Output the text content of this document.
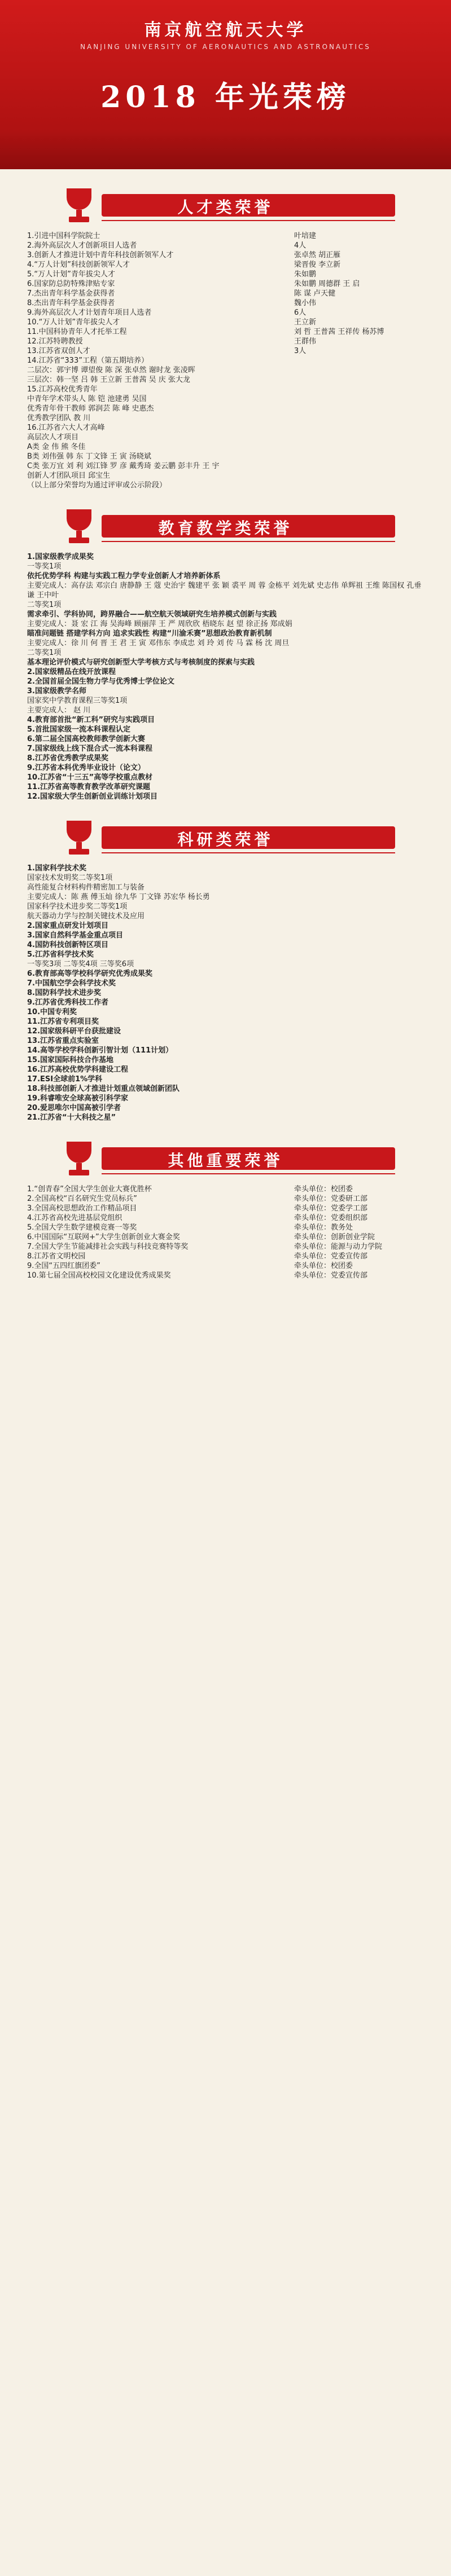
南京航空航天大学
NANJING UNIVERSITY OF AERONAUTICS AND ASTRONAUTICS
2018 年光荣榜
人才类荣誉
1.引进中国科学院院士	叶培建
2.海外高层次人才创新项目人选者	4人
3.创新人才推进计划中青年科技创新领军人才	张卓然 胡正雁
4.“万人计划”科技创新领军人才	梁晋俊 李立新
5.“万人计划”青年拔尖人才	朱如鹏
6.国家防总防特殊津贴专家	朱如鹏 周德群 王 启
7.杰出青年科学基金获得者	陈 谋 卢天健
8.杰出青年科学基金获得者	魏小伟
9.海外高层次人才计划青年项目人选者	6人
10.“万人计划”青年拔尖人才	王立新
11.中国科协青年人才托举工程	刘 哲 王普茜 王祥传 杨苏博
12.江苏特聘教授	王群伟
13.江苏省双创人才	3人
14.江苏省“333”工程（第五期培养）
二层次：郭宇博 谭望俊 陈 深 张卓然 谢时龙 张凌晖
三层次：韩一坚 吕 韩 王立新 王普茜 吴 庆 张大龙
15.江苏高校优秀青年
中青年学术带头人 陈 铠 池建勇 吴国
优秀青年骨干教师 郭润芸 陈 峰 史惠杰
优秀教学团队 教 川
16.江苏省六大人才高峰
高层次人才项目
A类 金 伟 熊 冬佳
B类 刘伟强 韩 东 丁文锋 王 寅 汤晓斌
C类 张万宜 刘 利 刘江锋 罗 彦 戴秀琦 姜云鹏 彭丰升 王 宇
创新人才团队项目 邱宝生
（以上部分荣誉均为通过评审或公示阶段）
教育教学类荣誉
1.国家级教学成果奖
一等奖1项
依托优势学科 构建与实践工程力学专业创新人才培养新体系
主要完成人：高存法 邓宗白 唐静静 王 蔻 史治宇 魏建平 张 颖 裘平 周 蓉 金栋平 刘先斌 史志伟 单辉祖 王维 陈国权 孔垂谦 王中叶
二等奖1项
需求牵引、学科协同，跨界融合——航空航天领域研究生培养模式创新与实践
主要完成人：聂 宏 江 海 吴海峰 顾丽萍 王 严 周欣欣 梧晓东 赵 望 徐正扬 郑成娟
瞄准问题链 搭建学科方向 追求实践性 构建“川渝禾赛”思想政治教育新机制
主要完成人：徐 川 何 晋 王 君 王 寅 邓伟东 李成忠 刘 玲 刘 传 马 霖 杨 沈 周旦
二等奖1项
基本理论评价模式与研究创新型大学考核方式与考核制度的探索与实践
2.国家级精品在线开放课程
2.全国首届全国生物力学与优秀博士学位论文
3.国家级教学名师
国家奖中学教育课程三等奖1项
主要完成人： 赵 川
4.教育部首批“新工科”研究与实践项目
5.首批国家级一流本科课程认定
6.第二届全国高校教师教学创新大赛
7.国家级线上线下混合式一流本科课程
8.江苏省优秀教学成果奖
9.江苏省本科优秀毕业设计（论文）
10.江苏省“十三五”高等学校重点教材
11.江苏省高等教育教学改革研究课题
12.国家级大学生创新创业训练计划项目
科研类荣誉
1.国家科学技术奖
国家技术发明奖二等奖1项
高性能复合材料构件精密加工与装备
主要完成人：陈 燕 傅玉灿 徐九华 丁文锋 苏宏华 杨长勇
国家科学技术进步奖二等奖1项
航天器动力学与控制关键技术及应用
2.国家重点研发计划项目
3.国家自然科学基金重点项目
4.国防科技创新特区项目
5.江苏省科学技术奖
一等奖3项 二等奖4项 三等奖6项
6.教育部高等学校科学研究优秀成果奖
7.中国航空学会科学技术奖
8.国防科学技术进步奖
9.江苏省优秀科技工作者
10.中国专利奖
11.江苏省专利项目奖
12.国家级科研平台获批建设
13.江苏省重点实验室
14.高等学校学科创新引智计划（111计划）
15.国家国际科技合作基地
16.江苏高校优势学科建设工程
17.ESI全球前1%学科
18.科技部创新人才推进计划重点领域创新团队
19.科睿唯安全球高被引科学家
20.爱思唯尔中国高被引学者
21.江苏省“十大科技之星”
其他重要荣誉
1.“创青春”全国大学生创业大赛优胜杯	牵头单位：校团委
2.全国高校“百名研究生党员标兵”	牵头单位：党委研工部
3.全国高校思想政治工作精品项目	牵头单位：党委学工部
4.江苏省高校先进基层党组织	牵头单位：党委组织部
5.全国大学生数学建模竞赛一等奖	牵头单位：教务处
6.中国国际“互联网+”大学生创新创业大赛金奖	牵头单位：创新创业学院
7.全国大学生节能减排社会实践与科技竞赛特等奖	牵头单位：能源与动力学院
8.江苏省文明校园	牵头单位：党委宣传部
9.全国“五四红旗团委”	牵头单位：校团委
10.第七届全国高校校园文化建设优秀成果奖	牵头单位：党委宣传部
